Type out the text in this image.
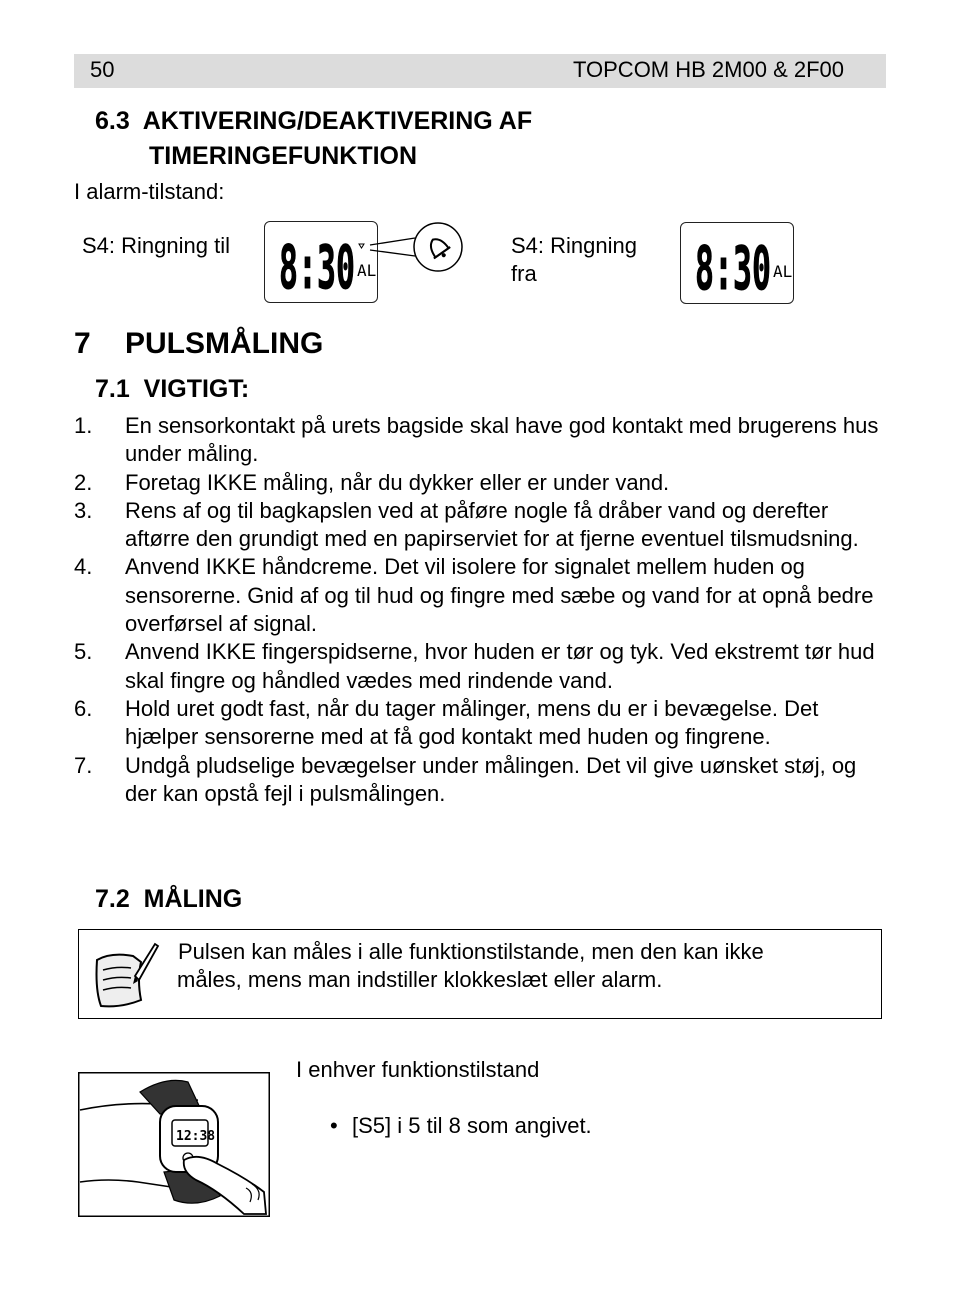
50	TOPCOM HB 2M00 & 2F00
6.3  AKTIVERING/DEAKTIVERING AF
TIMERINGEFUNKTION
I alarm-tilstand:
S4: Ringning til 8:30 AL
S4: Ringning
fra	8:30 AL
7 PULSMÅLING
7.1  VIGTIGT:
1. En sensorkontakt på urets bagside skal have god kontakt med brugerens hus under måling.
2. Foretag IKKE måling, når du dykker eller er under vand.
3. Rens af og til bagkapslen ved at påføre nogle få dråber vand og derefter aftørre den grundigt med en papirserviet for at fjerne eventuel tilsmudsning.
4. Anvend IKKE håndcreme. Det vil isolere for signalet mellem huden og sensorerne. Gnid af og til hud og fingre med sæbe og vand for at opnå bedre overførsel af signal.
5. Anvend IKKE fingerspidserne, hvor huden er tør og tyk. Ved ekstremt tør hud skal fingre og håndled vædes med rindende vand.
6. Hold uret godt fast, når du tager målinger, mens du er i bevægelse. Det hjælper sensorerne med at få god kontakt med huden og fingrene.
7. Undgå pludselige bevægelser under målingen. Det vil give uønsket støj, og der kan opstå fejl i pulsmålingen.
7.2  MÅLING
Pulsen kan måles i alle funktionstilstande, men den kan ikke
måles, mens man indstiller klokkeslæt eller alarm.
12:38
I enhver funktionstilstand
• [S5] i 5 til 8 som angivet.
